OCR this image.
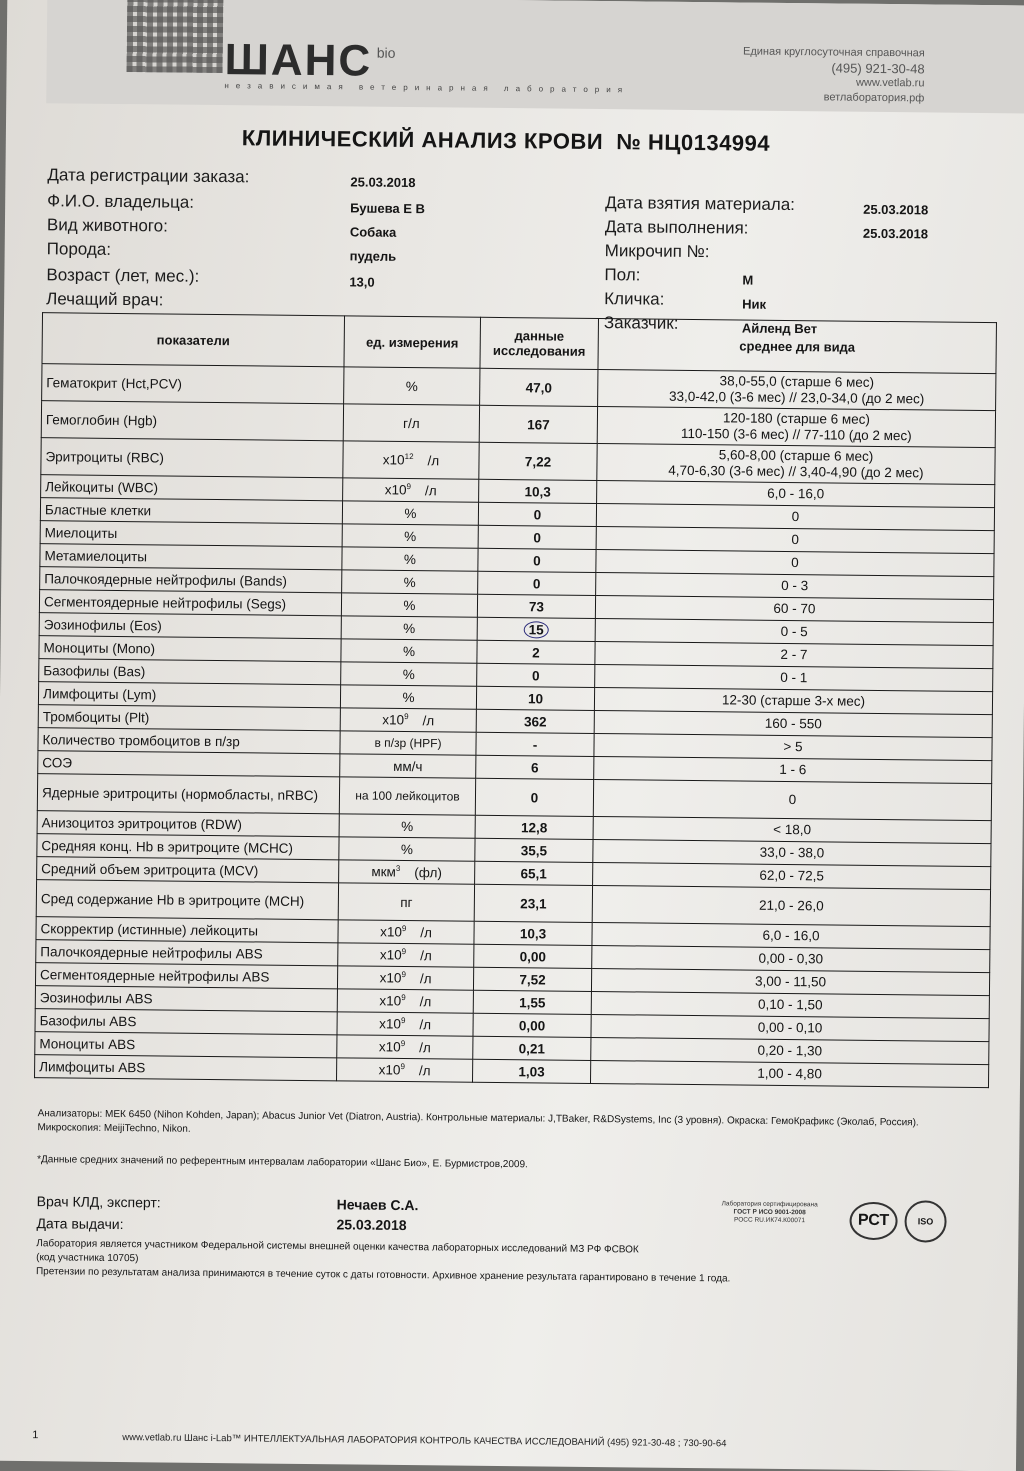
ШАНС bio
независимая ветеринарная лаборатория
Единая круглосуточная справочная
(495) 921-30-48
www.vetlab.ru
ветлаборатория.рф
КЛИНИЧЕСКИЙ АНАЛИЗ КРОВИ № НЦ0134994
Дата регистрации заказа:	25.03.2018
Ф.И.О. владельца:	Бушева Е В
Вид животного:	Собака
Порода:	пудель
Возраст (лет, мес.):	13,0
Лечащий врач:
Дата взятия материала:	25.03.2018
Дата выполнения:	25.03.2018
Микрочип №:
Пол:	М
Кличка:	Ник
Заказчик:	Айленд Вет
показатели	ед. измерения	данные исследования	среднее для вида
Гематокрит (Hct,PCV)	%	47,0	38,0-55,0 (старше 6 мес)
33,0-42,0 (3-6 мес) // 23,0-34,0 (до 2 мес)

Гемоглобин (Hgb)	г/л	167	120-180 (старше 6 мес)
110-150 (3-6 мес) // 77-110 (до 2 мес)

Эритроциты (RBC)	$x10^{12}$ /л	7,22	5,60-8,00 (старше 6 мес)
4,70-6,30 (3-6 мес) // 3,40-4,90 (до 2 мес)

Лейкоциты (WBC)	$x10^9$ /л	10,3	6,0 - 16,0

Бластные клетки	%	0	0

Миелоциты	%	0	0

Метамиелоциты	%	0	0

Палочкоядерные нейтрофилы (Bands)	%	0	0 - 3

Сегментоядерные нейтрофилы (Segs)	%	73	60 - 70

Эозинофилы (Eos)	%	15	0 - 5

Моноциты (Mono)	%	2	2 - 7

Базофилы (Bas)	%	0	0 - 1

Лимфоциты (Lym)	%	10	12-30 (старше 3-х мес)

Тромбоциты (Plt)	$x10^9$ /л	362	160 - 550

Количество тромбоцитов в п/зр	в п/зр (HPF)	-	> 5

СОЭ	мм/ч	6	1 - 6

Ядерные эритроциты (нормобласты, nRBC)	на 100 лейкоцитов	0	0

Анизоцитоз эритроцитов (RDW)	%	12,8	< 18,0

Средняя конц. Hb в эритроците (MCHC)	%	35,5	33,0 - 38,0

Средний объем эритроцита (MCV)	мкм$^3$ (фл)	65,1	62,0 - 72,5

Сред содержание Hb в эритроците (MCH)	пг	23,1	21,0 - 26,0

Скорректир (истинные) лейкоциты	$x10^9$ /л	10,3	6,0 - 16,0

Палочкоядерные нейтрофилы ABS	$x10^9$ /л	0,00	0,00 - 0,30

Сегментоядерные нейтрофилы ABS	$x10^9$ /л	7,52	3,00 - 11,50

Эозинофилы ABS	$x10^9$ /л	1,55	0,10 - 1,50

Базофилы ABS	$x10^9$ /л	0,00	0,00 - 0,10

Моноциты ABS	$x10^9$ /л	0,21	0,20 - 1,30

Лимфоциты ABS	$x10^9$ /л	1,03	1,00 - 4,80
Анализаторы: МЕК 6450 (Nihon Kohden, Japan); Abacus Junior Vet (Diatron, Austria). Контрольные материалы: J,TBaker, R&DSystems, Inc (3 уровня). Окраска: ГемоКрафикс (Эколаб, Россия). Микроскопия: MeijiTechno, Nikon.
*Данные средних значений по референтным интервалам лаборатории «Шанс Био», Е. Бурмистров,2009.
Врач КЛД, эксперт:	Нечаев С.А.
Дата выдачи:	25.03.2018
Лаборатория сертифицирована
ГОСТ Р ИСО 9001-2008
РОСС RU.ИК74.К00071	РСТ	ISO
Лаборатория является участником Федеральной системы внешней оценки качества лабораторных исследований МЗ РФ ФСВОК
(код участника 10705)
Претензии по результатам анализа принимаются в течение суток с даты готовности. Архивное хранение результата гарантировано в течение 1 года.
1	www.vetlab.ru Шанс i-Lab™ ИНТЕЛЛЕКТУАЛЬНАЯ ЛАБОРАТОРИЯ КОНТРОЛЬ КАЧЕСТВА ИССЛЕДОВАНИЙ (495) 921-30-48 ; 730-90-64
